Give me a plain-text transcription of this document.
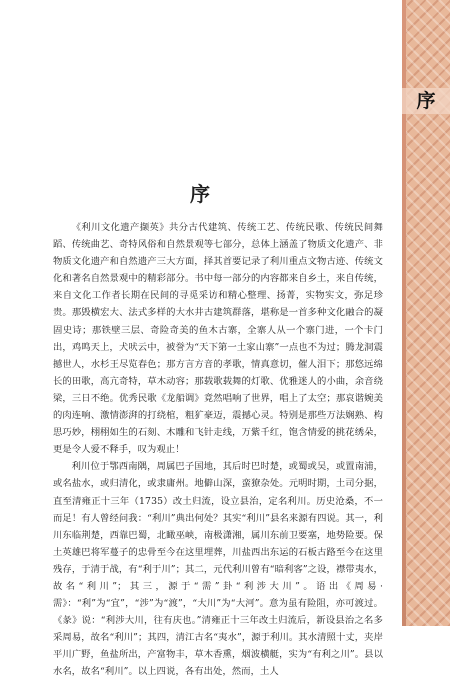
序
序

《利川文化遗产撷英》共分古代建筑、传统工艺、传统民歌、传统民间舞蹈、传统曲艺、奇特风俗和自然景观等七部分，总体上涵盖了物质文化遗产、非物质文化遗产和自然遗产三大方面，择其首要记录了利川重点文物古迹、传统文化和著名自然景观中的精彩部分。书中每一部分的内容都来自乡土，来自传统，来自文化工作者长期在民间的寻觅采访和精心整理、扬菁，实物实文，弥足珍贵。那毁横宏大、法式多样的大水井古建筑群落，堪称是一首多种文化融合的凝固史诗；那铁壁三层、奇险奇美的鱼木古寨，全寨人从一个寨门进，一个卡门出，鸡鸣天上，犬吠云中，被誉为“天下第一土家山寨”一点也不为过；腾龙洞震撼世人，水杉王尽览春色；那方言方音的孝歌，情真意切，催人泪下；那悠远绵长的田歌，高亢奇特，草木动容；那载歌载舞的灯歌、优雅迷人的小曲，余音绕梁，三日不绝。优秀民歌《龙船调》竟然唱响了世界，唱上了太空；那哀谐婉美的肉连响、激情澎湃的打绕棺，粗犷豪迈，震撼心灵。特别是那些万法娴熟、构思巧妙，栩栩如生的石刻、木雕和飞针走线，万紫千红，饱含情爱的挑花绣朵，更是令人爱不释手，叹为观止！

利川位于鄂西南隅，周属巴子国地，其后时巴时楚，或蜀或吴，或置南浦，或名盐水，或归清化，或隶庸州。地僻山深，蛮獠杂处。元明时期，土司分据，直至清雍正十三年（1735）改土归流，设立县治，定名利川。历史沧桑，不一而足！有人曾经问我：“利川”典出何处？其实“利川”县名来源有四说。其一，利川东临荆楚，西靠巴蜀，北瞰巫峡，南极潇湘，属川东前卫要塞，地势险要。保土英雄巴将军蔓子的忠骨至今在这里埋葬，川盐西出东运的石板古路至今在这里残存，于清于战，有“利于川”；其二，元代利川曾有“暗利客”之设，襟带夷水，故名“利川”；其三，源于“需”卦“利涉大川”。语出《周易·需》：“利”为“宜”，“涉”为“渡”，“大川”为“大河”。意为虽有险阻，亦可渡过。《彖》说：“利涉大川，往有庆也。”清雍正十三年改土归流后，新设县治之名多采周易，故名“利川”；其四，清江古名“夷水”，源于利川。其水清照十丈，夹岸平川广野，鱼盐所出，产富物丰，草木香熏，烟波横艇，实为“有利之川”。县以水名，故名“利川”。以上四说，各有出处，然而，土人
